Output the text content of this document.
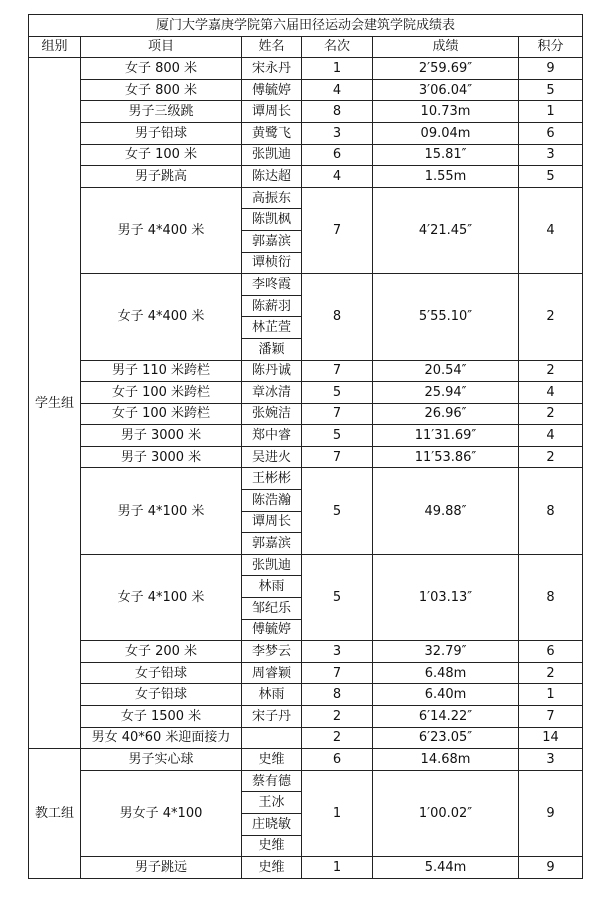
厦门大学嘉庚学院第六届田径运动会建筑学院成绩表					
组别	项目	姓名	名次	成绩	积分
学生组	女子 800 米	宋永丹	1	2′59.69″	9
	女子 800 米	傅毓婷	4	3′06.04″	5
	男子三级跳	谭周长	8	10.73m	1
	男子铅球	黄鹭飞	3	09.04m	6
	女子 100 米	张凯迪	6	15.81″	3
	男子跳高	陈达超	4	1.55m	5
	男子 4*400 米	高振东	7	4′21.45″	4
		陈凯枫			
		郭嘉滨			
		谭桢衍			
	女子 4*400 米	李咚霞	8	5′55.10″	2
		陈薪羽			
		林芷萱			
		潘颖			
	男子 110 米跨栏	陈丹诚	7	20.54″	2
	女子 100 米跨栏	章冰清	5	25.94″	4
	女子 100 米跨栏	张婉洁	7	26.96″	2
	男子 3000 米	郑中睿	5	11′31.69″	4
	男子 3000 米	吴进火	7	11′53.86″	2
	男子 4*100 米	王彬彬	5	49.88″	8
		陈浩瀚			
		谭周长			
		郭嘉滨			
	女子 4*100 米	张凯迪	5	1′03.13″	8
		林雨			
		邹纪乐			
		傅毓婷			
	女子 200 米	李梦云	3	32.79″	6
	女子铅球	周睿颖	7	6.48m	2
	女子铅球	林雨	8	6.40m	1
	女子 1500 米	宋子丹	2	6′14.22″	7
	男女 40*60 米迎面接力		2	6′23.05″	14
教工组	男子实心球	史维	6	14.68m	3
	男女子 4*100	蔡有德	1	1′00.02″	9
		王冰			
		庄晓敏			
		史维			
	男子跳远	史维	1	5.44m	9
